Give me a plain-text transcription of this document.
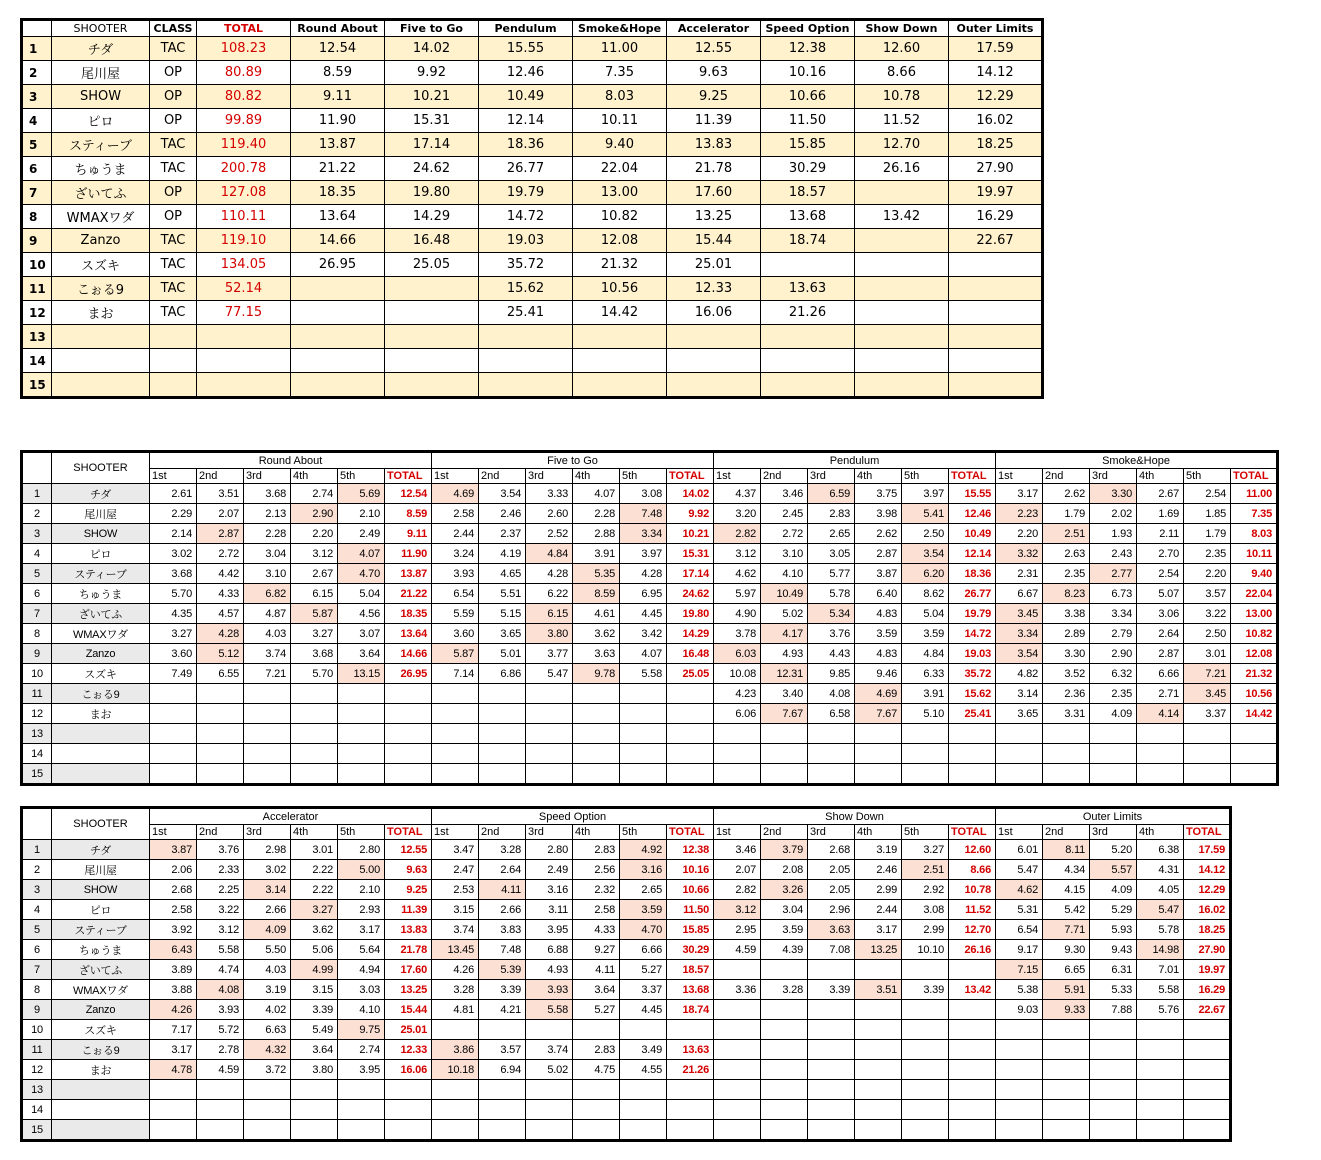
	SHOOTER	CLASS	TOTAL	Round About	Five to Go	Pendulum	Smoke&Hope	Accelerator	Speed Option	Show Down	Outer Limits
1	チダ	TAC	108.23	12.54	14.02	15.55	11.00	12.55	12.38	12.60	17.59
2	尾川屋	OP	80.89	8.59	9.92	12.46	7.35	9.63	10.16	8.66	14.12
3	SHOW	OP	80.82	9.11	10.21	10.49	8.03	9.25	10.66	10.78	12.29
4	ピロ	OP	99.89	11.90	15.31	12.14	10.11	11.39	11.50	11.52	16.02
5	スティーブ	TAC	119.40	13.87	17.14	18.36	9.40	13.83	15.85	12.70	18.25
6	ちゅうま	TAC	200.78	21.22	24.62	26.77	22.04	21.78	30.29	26.16	27.90
7	ざいてふ	OP	127.08	18.35	19.80	19.79	13.00	17.60	18.57		19.97
8	WMAXワダ	OP	110.11	13.64	14.29	14.72	10.82	13.25	13.68	13.42	16.29
9	Zanzo	TAC	119.10	14.66	16.48	19.03	12.08	15.44	18.74		22.67
10	スズキ	TAC	134.05	26.95	25.05	35.72	21.32	25.01			
11	こぉる9	TAC	52.14			15.62	10.56	12.33	13.63		
12	まお	TAC	77.15			25.41	14.42	16.06	21.26		
13											
14											
15											
	SHOOTER	Round About						Five to Go						Pendulum						Smoke&Hope					
		1st	2nd	3rd	4th	5th	TOTAL	1st	2nd	3rd	4th	5th	TOTAL	1st	2nd	3rd	4th	5th	TOTAL	1st	2nd	3rd	4th	5th	TOTAL
1	チダ	2.61	3.51	3.68	2.74	5.69	12.54	4.69	3.54	3.33	4.07	3.08	14.02	4.37	3.46	6.59	3.75	3.97	15.55	3.17	2.62	3.30	2.67	2.54	11.00
2	尾川屋	2.29	2.07	2.13	2.90	2.10	8.59	2.58	2.46	2.60	2.28	7.48	9.92	3.20	2.45	2.83	3.98	5.41	12.46	2.23	1.79	2.02	1.69	1.85	7.35
3	SHOW	2.14	2.87	2.28	2.20	2.49	9.11	2.44	2.37	2.52	2.88	3.34	10.21	2.82	2.72	2.65	2.62	2.50	10.49	2.20	2.51	1.93	2.11	1.79	8.03
4	ピロ	3.02	2.72	3.04	3.12	4.07	11.90	3.24	4.19	4.84	3.91	3.97	15.31	3.12	3.10	3.05	2.87	3.54	12.14	3.32	2.63	2.43	2.70	2.35	10.11
5	スティーブ	3.68	4.42	3.10	2.67	4.70	13.87	3.93	4.65	4.28	5.35	4.28	17.14	4.62	4.10	5.77	3.87	6.20	18.36	2.31	2.35	2.77	2.54	2.20	9.40
6	ちゅうま	5.70	4.33	6.82	6.15	5.04	21.22	6.54	5.51	6.22	8.59	6.95	24.62	5.97	10.49	5.78	6.40	8.62	26.77	6.67	8.23	6.73	5.07	3.57	22.04
7	ざいてふ	4.35	4.57	4.87	5.87	4.56	18.35	5.59	5.15	6.15	4.61	4.45	19.80	4.90	5.02	5.34	4.83	5.04	19.79	3.45	3.38	3.34	3.06	3.22	13.00
8	WMAXワダ	3.27	4.28	4.03	3.27	3.07	13.64	3.60	3.65	3.80	3.62	3.42	14.29	3.78	4.17	3.76	3.59	3.59	14.72	3.34	2.89	2.79	2.64	2.50	10.82
9	Zanzo	3.60	5.12	3.74	3.68	3.64	14.66	5.87	5.01	3.77	3.63	4.07	16.48	6.03	4.93	4.43	4.83	4.84	19.03	3.54	3.30	2.90	2.87	3.01	12.08
10	スズキ	7.49	6.55	7.21	5.70	13.15	26.95	7.14	6.86	5.47	9.78	5.58	25.05	10.08	12.31	9.85	9.46	6.33	35.72	4.82	3.52	6.32	6.66	7.21	21.32
11	こぉる9													4.23	3.40	4.08	4.69	3.91	15.62	3.14	2.36	2.35	2.71	3.45	10.56
12	まお													6.06	7.67	6.58	7.67	5.10	25.41	3.65	3.31	4.09	4.14	3.37	14.42
13																									
14																									
15																									
	SHOOTER	Accelerator						Speed Option						Show Down						Outer Limits				
		1st	2nd	3rd	4th	5th	TOTAL	1st	2nd	3rd	4th	5th	TOTAL	1st	2nd	3rd	4th	5th	TOTAL	1st	2nd	3rd	4th	TOTAL
1	チダ	3.87	3.76	2.98	3.01	2.80	12.55	3.47	3.28	2.80	2.83	4.92	12.38	3.46	3.79	2.68	3.19	3.27	12.60	6.01	8.11	5.20	6.38	17.59
2	尾川屋	2.06	2.33	3.02	2.22	5.00	9.63	2.47	2.64	2.49	2.56	3.16	10.16	2.07	2.08	2.05	2.46	2.51	8.66	5.47	4.34	5.57	4.31	14.12
3	SHOW	2.68	2.25	3.14	2.22	2.10	9.25	2.53	4.11	3.16	2.32	2.65	10.66	2.82	3.26	2.05	2.99	2.92	10.78	4.62	4.15	4.09	4.05	12.29
4	ピロ	2.58	3.22	2.66	3.27	2.93	11.39	3.15	2.66	3.11	2.58	3.59	11.50	3.12	3.04	2.96	2.44	3.08	11.52	5.31	5.42	5.29	5.47	16.02
5	スティーブ	3.92	3.12	4.09	3.62	3.17	13.83	3.74	3.83	3.95	4.33	4.70	15.85	2.95	3.59	3.63	3.17	2.99	12.70	6.54	7.71	5.93	5.78	18.25
6	ちゅうま	6.43	5.58	5.50	5.06	5.64	21.78	13.45	7.48	6.88	9.27	6.66	30.29	4.59	4.39	7.08	13.25	10.10	26.16	9.17	9.30	9.43	14.98	27.90
7	ざいてふ	3.89	4.74	4.03	4.99	4.94	17.60	4.26	5.39	4.93	4.11	5.27	18.57							7.15	6.65	6.31	7.01	19.97
8	WMAXワダ	3.88	4.08	3.19	3.15	3.03	13.25	3.28	3.39	3.93	3.64	3.37	13.68	3.36	3.28	3.39	3.51	3.39	13.42	5.38	5.91	5.33	5.58	16.29
9	Zanzo	4.26	3.93	4.02	3.39	4.10	15.44	4.81	4.21	5.58	5.27	4.45	18.74							9.03	9.33	7.88	5.76	22.67
10	スズキ	7.17	5.72	6.63	5.49	9.75	25.01																	
11	こぉる9	3.17	2.78	4.32	3.64	2.74	12.33	3.86	3.57	3.74	2.83	3.49	13.63											
12	まお	4.78	4.59	3.72	3.80	3.95	16.06	10.18	6.94	5.02	4.75	4.55	21.26											
13																								
14																								
15																								
